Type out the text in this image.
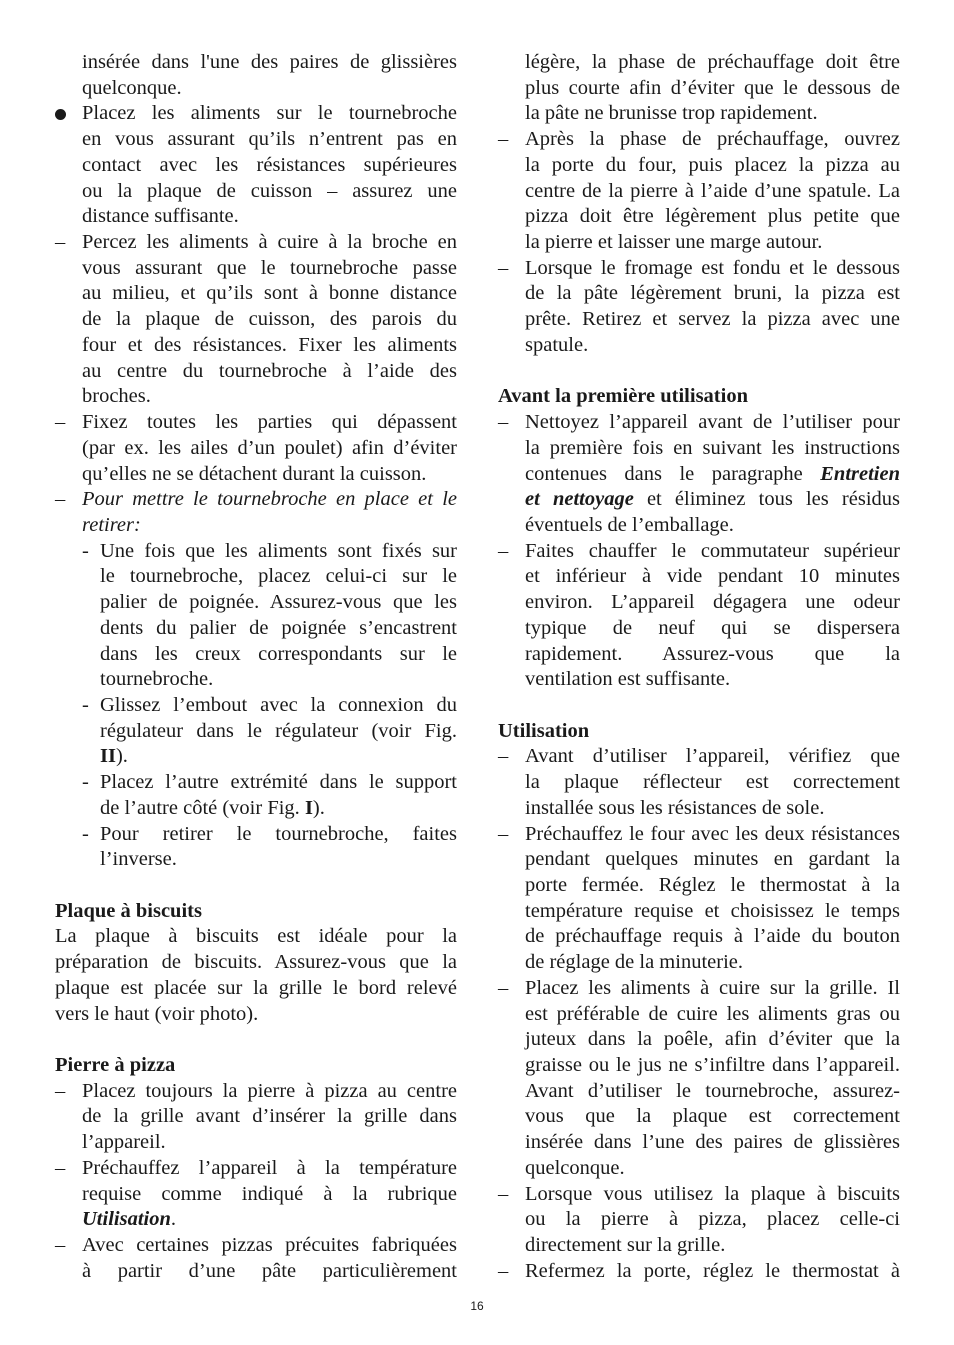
insérée dans l'une des paires de glissières
quelconque.
Placez les aliments sur le tournebroche
en vous assurant qu’ils n’entrent pas en
contact avec les résistances supérieures
ou la plaque de cuisson – assurez une
distance suffisante.
– Percez les aliments à cuire à la broche en
vous assurant que le tournebroche passe
au milieu, et qu’ils sont à bonne distance
de la plaque de cuisson, des parois du
four et des résistances. Fixer les aliments
au centre du tournebroche à l’aide des
broches.
– Fixez toutes les parties qui dépassent
(par ex. les ailes d’un poulet) afin d’éviter
qu’elles ne se détachent durant la cuisson.
– Pour mettre le tournebroche en place et le
retirer:
- Une fois que les aliments sont fixés sur
le tournebroche, placez celui-ci sur le
palier de poignée. Assurez-vous que les
dents du palier de poignée s’encastrent
dans les creux correspondants sur le
tournebroche.
- Glissez l’embout avec la connexion du
régulateur dans le régulateur (voir Fig.
II).
- Placez l’autre extrémité dans le support
de l’autre côté (voir Fig. I).
- Pour retirer le tournebroche, faites
l’inverse.
Plaque à biscuits
La plaque à biscuits est idéale pour la
préparation de biscuits. Assurez-vous que la
plaque est placée sur la grille le bord relevé
vers le haut (voir photo).
Pierre à pizza
– Placez toujours la pierre à pizza au centre
de la grille avant d’insérer la grille dans
l’appareil.
– Préchauffez l’appareil à la température
requise comme indiqué à la rubrique
Utilisation.
– Avec certaines pizzas précuites fabriquées
à partir d’une pâte particulièrement
légère, la phase de préchauffage doit être
plus courte afin d’éviter que le dessous de
la pâte ne brunisse trop rapidement.
– Après la phase de préchauffage, ouvrez
la porte du four, puis placez la pizza au
centre de la pierre à l’aide d’une spatule. La
pizza doit être légèrement plus petite que
la pierre et laisser une marge autour.
– Lorsque le fromage est fondu et le dessous
de la pâte légèrement bruni, la pizza est
prête. Retirez et servez la pizza avec une
spatule.
Avant la première utilisation
– Nettoyez l’appareil avant de l’utiliser pour
la première fois en suivant les instructions
contenues dans le paragraphe Entretien
et nettoyage et éliminez tous les résidus
éventuels de l’emballage.
– Faites chauffer le commutateur supérieur
et inférieur à vide pendant 10 minutes
environ. L’appareil dégagera une odeur
typique de neuf qui se dispersera
rapidement. Assurez-vous que la
ventilation est suffisante.
Utilisation
– Avant d’utiliser l’appareil, vérifiez que
la plaque réflecteur est correctement
installée sous les résistances de sole.
– Préchauffez le four avec les deux résistances
pendant quelques minutes en gardant la
porte fermée. Réglez le thermostat à la
température requise et choisissez le temps
de préchauffage requis à l’aide du bouton
de réglage de la minuterie.
– Placez les aliments à cuire sur la grille. Il
est préférable de cuire les aliments gras ou
juteux dans la poêle, afin d’éviter que la
graisse ou le jus ne s’infiltre dans l’appareil.
Avant d’utiliser le tournebroche, assurez-
vous que la plaque est correctement
insérée dans l’une des paires de glissières
quelconque.
– Lorsque vous utilisez la plaque à biscuits
ou la pierre à pizza, placez celle-ci
directement sur la grille.
– Refermez la porte, réglez le thermostat à
16
